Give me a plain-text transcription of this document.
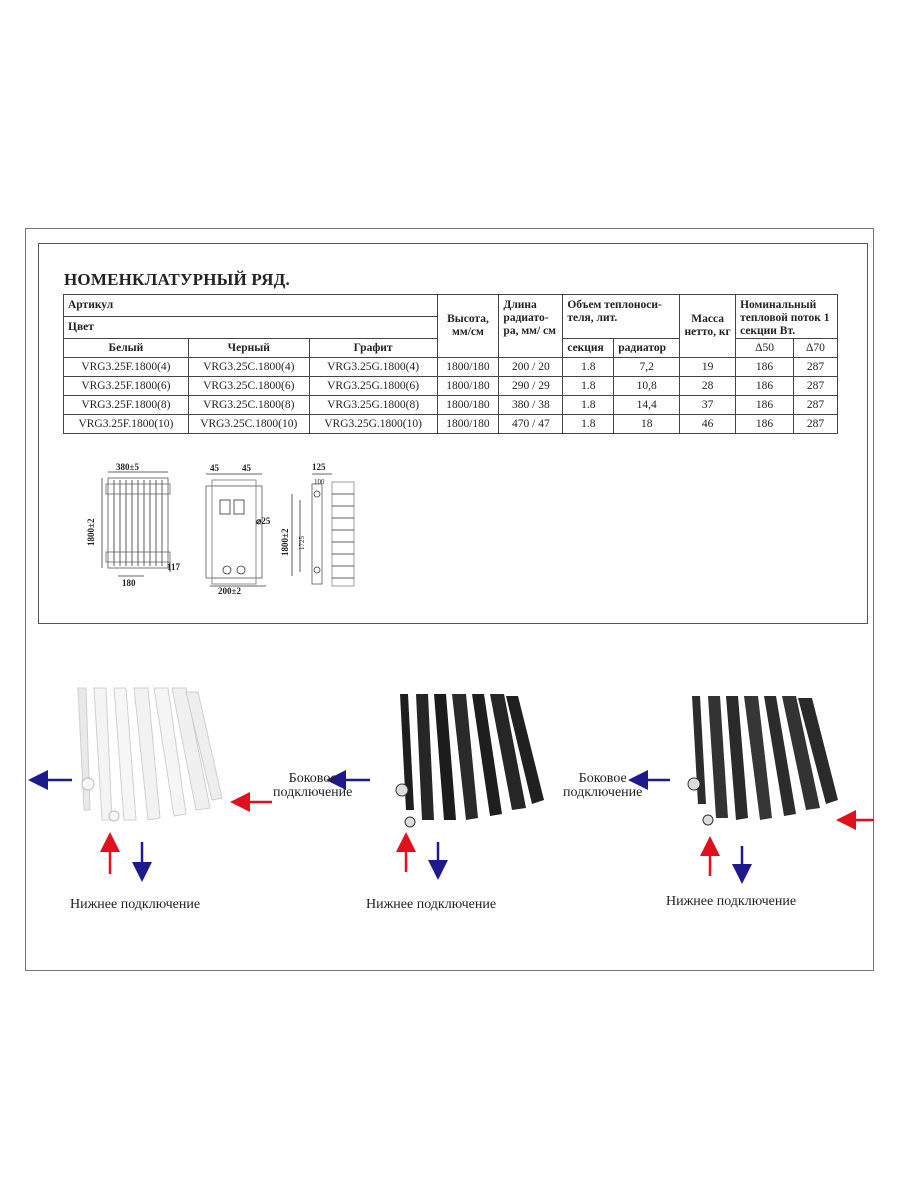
НОМЕНКЛАТУРНЫЙ РЯД.
Артикул			Высота, мм/см	Длина радиато-ра, мм/ см	Объем теплоноси-теля, лит.		Масса нетто, кг	Номинальный тепловой поток 1 секции Вт.	
Цвет									
Белый	Черный	Графит			секция	радиатор		Δ50	Δ70
VRG3.25F.1800(4)	VRG3.25C.1800(4)	VRG3.25G.1800(4)	1800/180	200 / 20	1.8	7,2	19	186	287
VRG3.25F.1800(6)	VRG3.25C.1800(6)	VRG3.25G.1800(6)	1800/180	290 / 29	1.8	10,8	28	186	287
VRG3.25F.1800(8)	VRG3.25C.1800(8)	VRG3.25G.1800(8)	1800/180	380 / 38	1.8	14,4	37	186	287
VRG3.25F.1800(10)	VRG3.25C.1800(10)	VRG3.25G.1800(10)	1800/180	470 / 47	1.8	18	46	186	287
380±5
1800±2
180
117
45	45
⌀25
200±2
125
100
1800±2 1725
Боковое
подключение
Боковое
подключение
Нижнее подключение	Нижнее подключение	Нижнее подключение
